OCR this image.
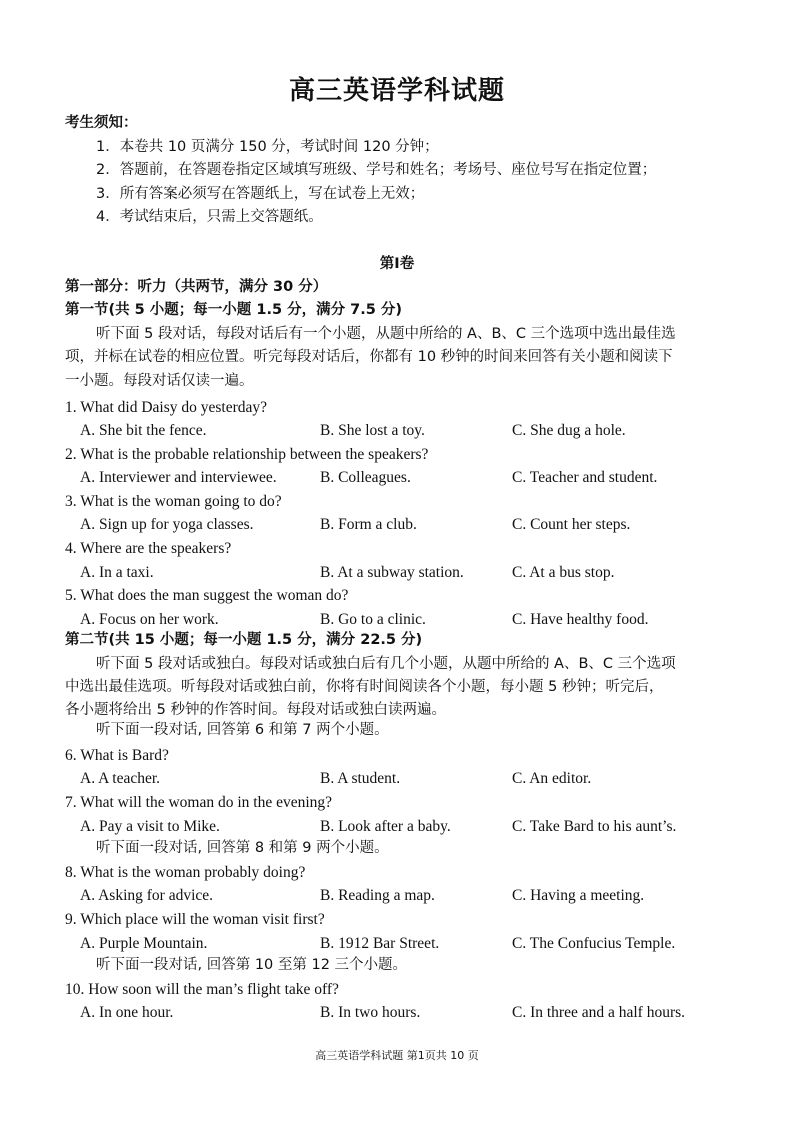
高三英语学科试题
考生须知：
1．本卷共 10 页满分 150 分，考试时间 120 分钟；
2．答题前，在答题卷指定区域填写班级、学号和姓名；考场号、座位号写在指定位置；
3．所有答案必须写在答题纸上，写在试卷上无效；
4．考试结束后，只需上交答题纸。
第Ⅰ卷
第一部分：听力（共两节，满分 30 分）
第一节(共 5 小题；每一小题 1.5 分，满分 7.5 分)
听下面 5 段对话，每段对话后有一个小题，从题中所给的 A、B、C 三个选项中选出最佳选
项，并标在试卷的相应位置。听完每段对话后，你都有 10 秒钟的时间来回答有关小题和阅读下
一小题。每段对话仅读一遍。
1. What did Daisy do yesterday?
A. She bit the fence.	B. She lost a toy.	C. She dug a hole.
2. What is the probable relationship between the speakers?
A. Interviewer and interviewee.	B. Colleagues.	C. Teacher and student.
3. What is the woman going to do?
A. Sign up for yoga classes.	B. Form a club.	C. Count her steps.
4. Where are the speakers?
A. In a taxi.	B. At a subway station.	C. At a bus stop.
5. What does the man suggest the woman do?
A. Focus on her work.	B. Go to a clinic.	C. Have healthy food.
第二节(共 15 小题；每一小题 1.5 分，满分 22.5 分)
听下面 5 段对话或独白。每段对话或独白后有几个小题，从题中所给的 A、B、C 三个选项
中选出最佳选项。听每段对话或独白前，你将有时间阅读各个小题，每小题 5 秒钟；听完后，
各小题将给出 5 秒钟的作答时间。每段对话或独白读两遍。
听下面一段对话, 回答第 6 和第 7 两个小题。
6. What is Bard?
A. A teacher.	B. A student.	C. An editor.
7. What will the woman do in the evening?
A. Pay a visit to Mike.	B. Look after a baby.	C. Take Bard to his aunt’s.
听下面一段对话, 回答第 8 和第 9 两个小题。
8. What is the woman probably doing?
A. Asking for advice.	B. Reading a map.	C. Having a meeting.
9. Which place will the woman visit first?
A. Purple Mountain.	B. 1912 Bar Street.	C. The Confucius Temple.
听下面一段对话, 回答第 10 至第 12 三个小题。
10. How soon will the man’s flight take off?
A. In one hour.	B. In two hours.	C. In three and a half hours.
高三英语学科试题 第1页共 10 页
